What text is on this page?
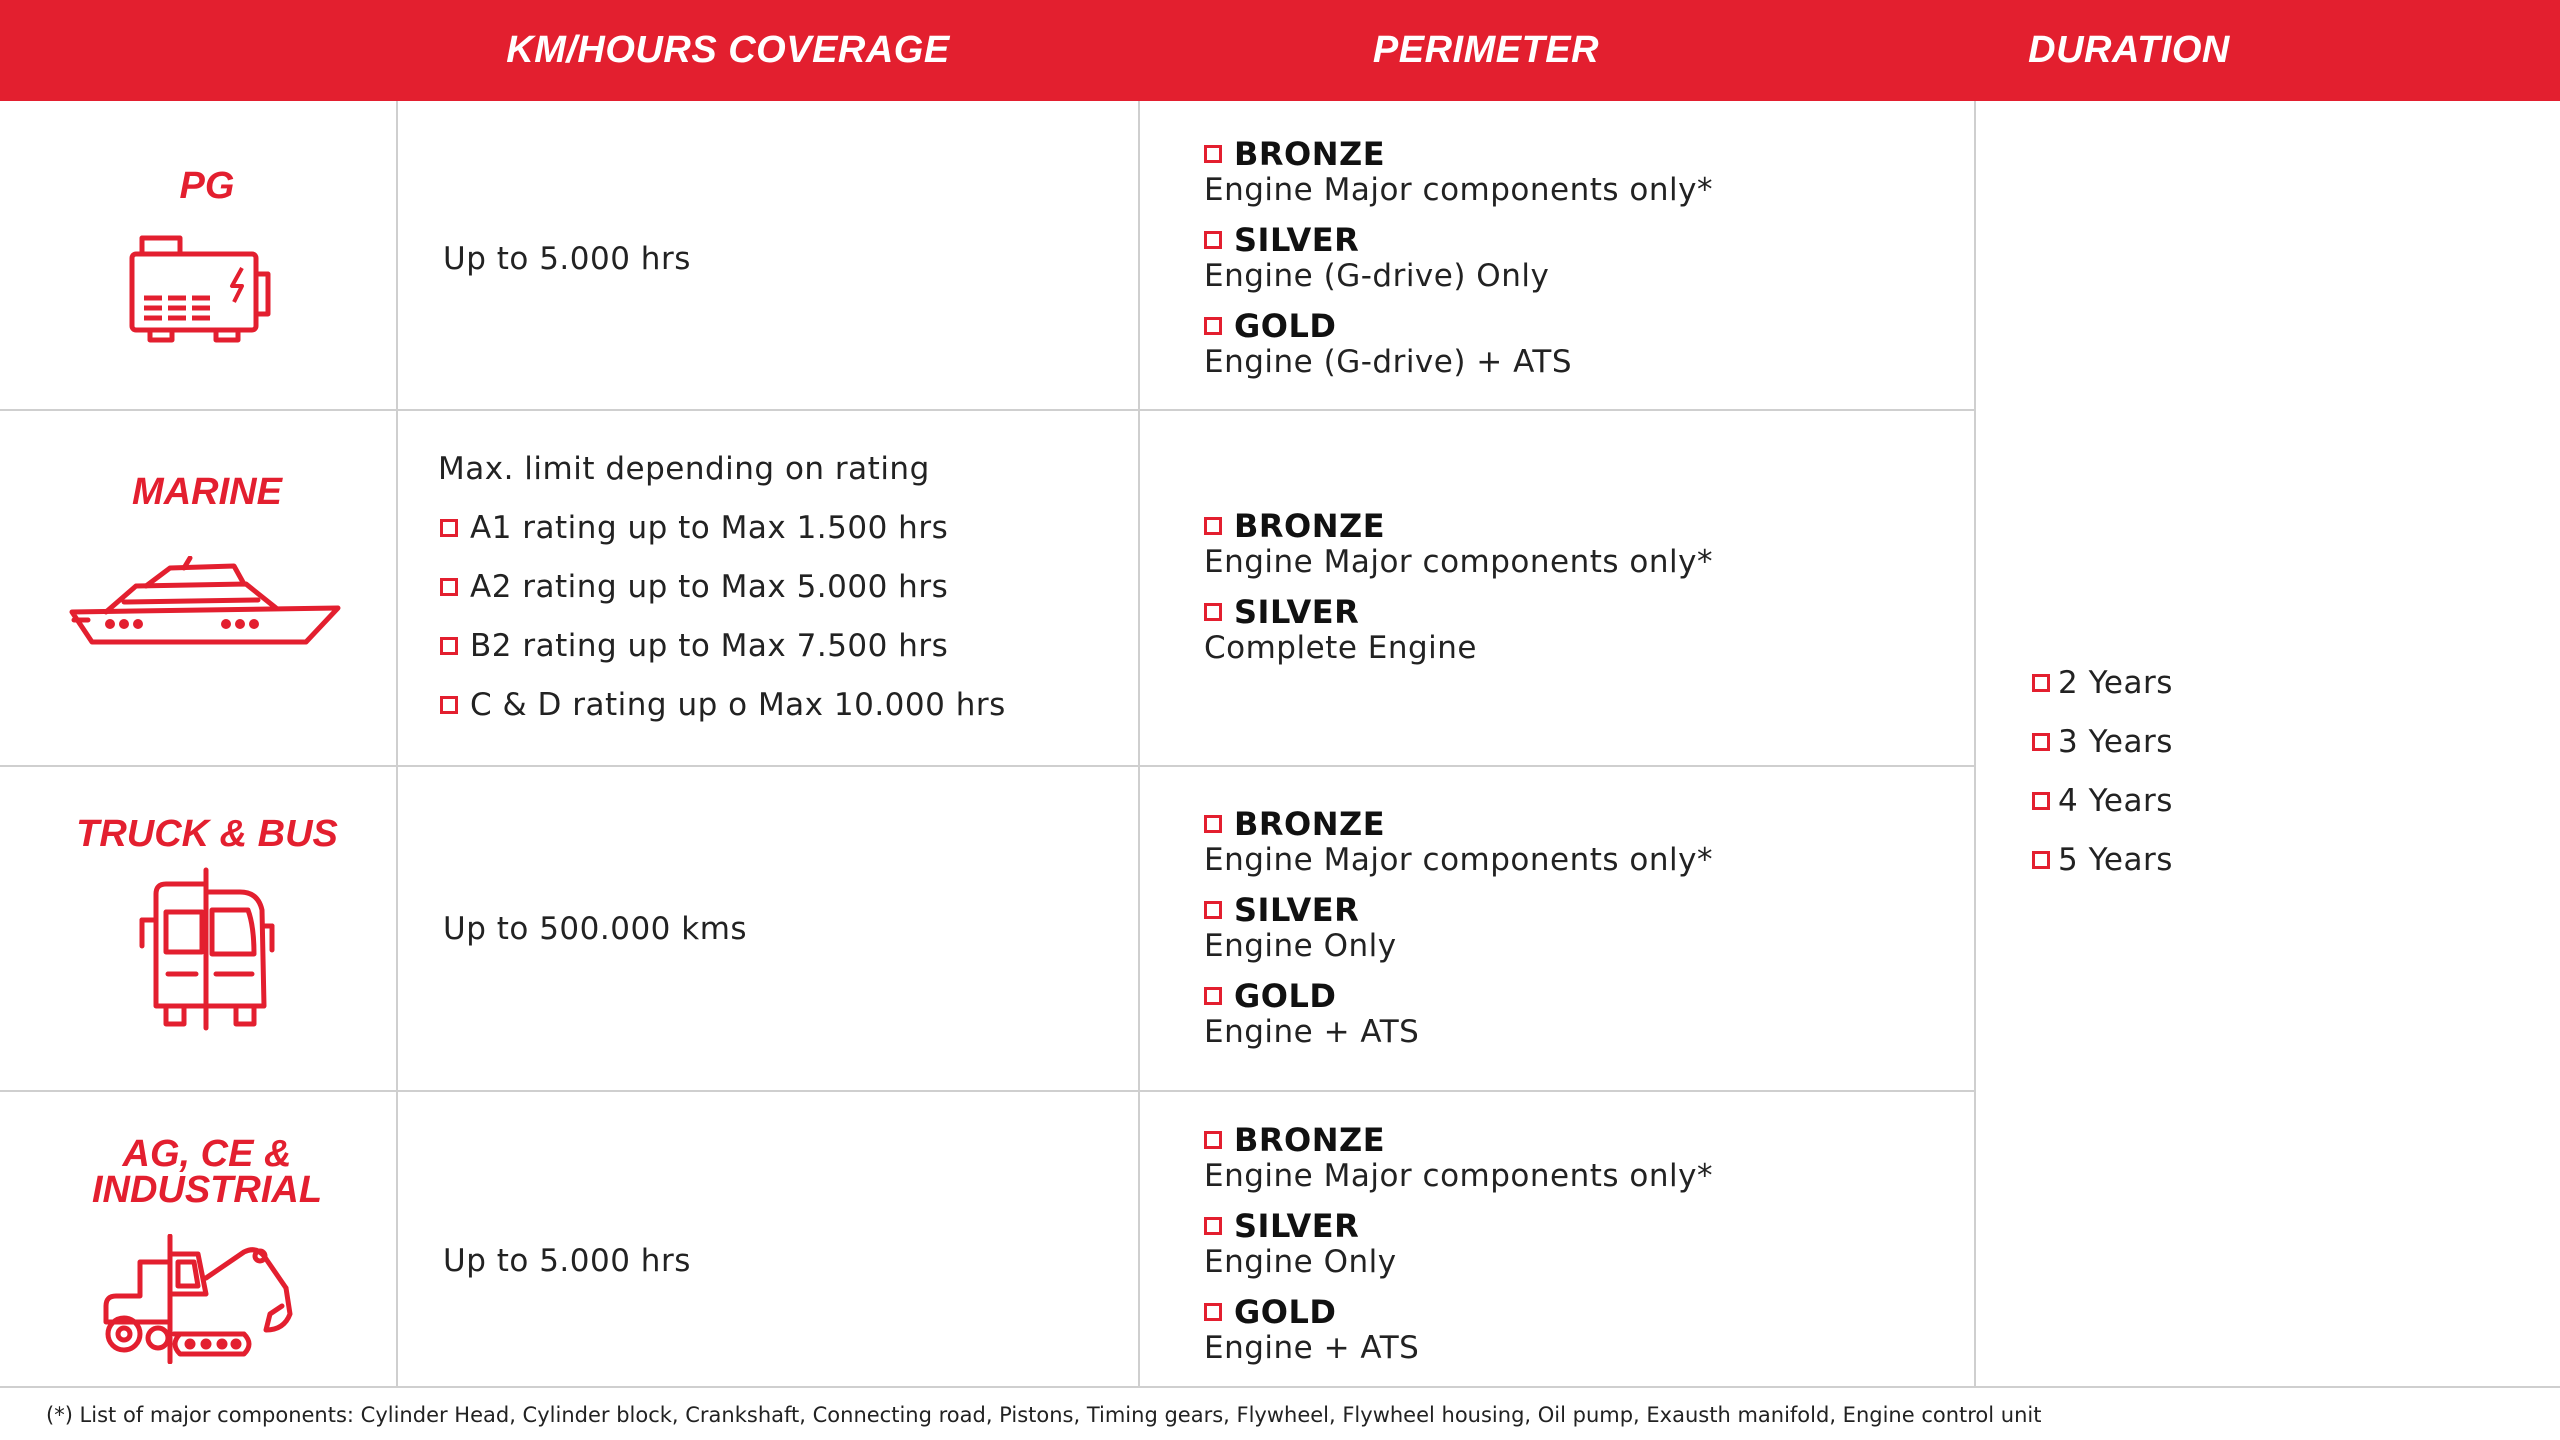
KM/HOURS COVERAGE	PERIMETER	DURATION
PG
Up to 5.000 hrs
BRONZE
Engine Major components only*
SILVER
Engine (G-drive) Only
GOLD
Engine (G-drive) + ATS
MARINE
Max. limit depending on rating
A1 rating up to Max 1.500 hrs
A2 rating up to Max 5.000 hrs
B2 rating up to Max 7.500 hrs
C & D rating up o Max 10.000 hrs
BRONZE
Engine Major components only*
SILVER
Complete Engine
TRUCK & BUS
Up to 500.000 kms
BRONZE
Engine Major components only*
SILVER
Engine Only
GOLD
Engine + ATS
AG, CE &
INDUSTRIAL
Up to 5.000 hrs
BRONZE
Engine Major components only*
SILVER
Engine Only
GOLD
Engine + ATS
2 Years
3 Years
4 Years
5 Years
(*) List of major components: Cylinder Head, Cylinder block, Crankshaft, Connecting road, Pistons, Timing gears, Flywheel, Flywheel housing, Oil pump, Exausth manifold, Engine control unit
